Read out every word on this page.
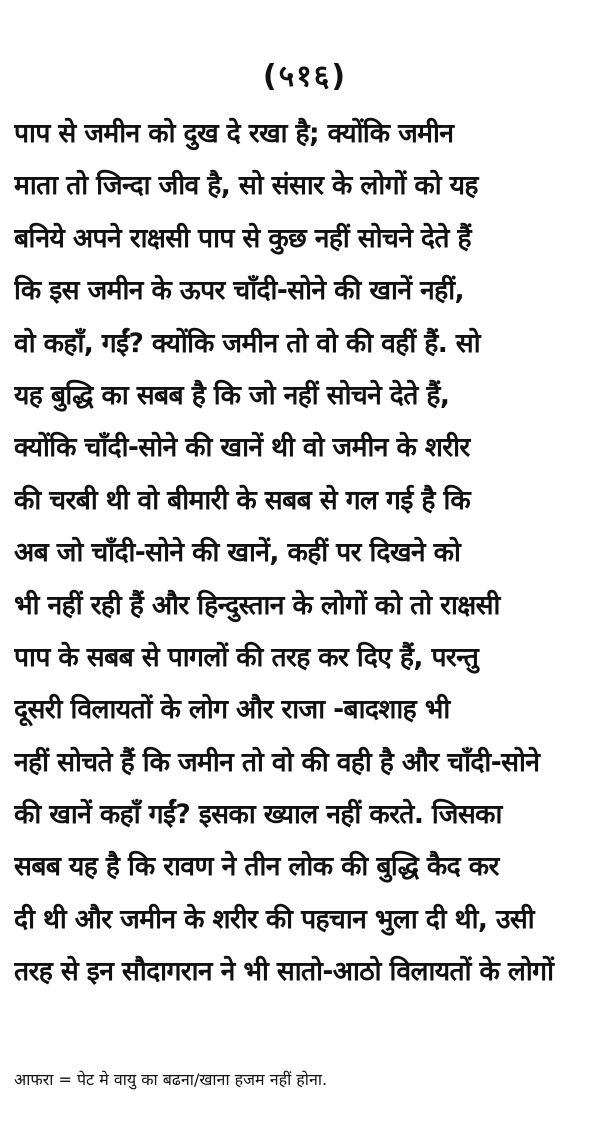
(५१६)
पाप से जमीन को दुख दे रखा है; क्योंकि जमीन
माता तो जिन्दा जीव है, सो संसार के लोगों को यह
बनिये अपने राक्षसी पाप से कुछ नहीं सोचने देते हैं
कि इस जमीन के ऊपर चाँदी-सोने की खानें नहीं,
वो कहाँ, गईं? क्योंकि जमीन तो वो की वहीं हैं. सो
यह बुद्धि का सबब है कि जो नहीं सोचने देते हैं,
क्योंकि चाँदी-सोने की खानें थी वो जमीन के शरीर
की चरबी थी वो बीमारी के सबब से गल गई है कि
अब जो चाँदी-सोने की खानें, कहीं पर दिखने को
भी नहीं रही हैं और हिन्दुस्तान के लोगों को तो राक्षसी
पाप के सबब से पागलों की तरह कर दिए हैं, परन्तु
दूसरी विलायतों के लोग और राजा -बादशाह भी
नहीं सोचते हैं कि जमीन तो वो की वही है और चाँदी-सोने
की खानें कहाँ गईं? इसका ख्याल नहीं करते. जिसका
सबब यह है कि रावण ने तीन लोक की बुद्धि कैद कर
दी थी और जमीन के शरीर की पहचान भुला दी थी, उसी
तरह से इन सौदागरान ने भी सातो-आठो विलायतों के लोगों
आफरा = पेट मे वायु का बढना/खाना हजम नहीं होना.
